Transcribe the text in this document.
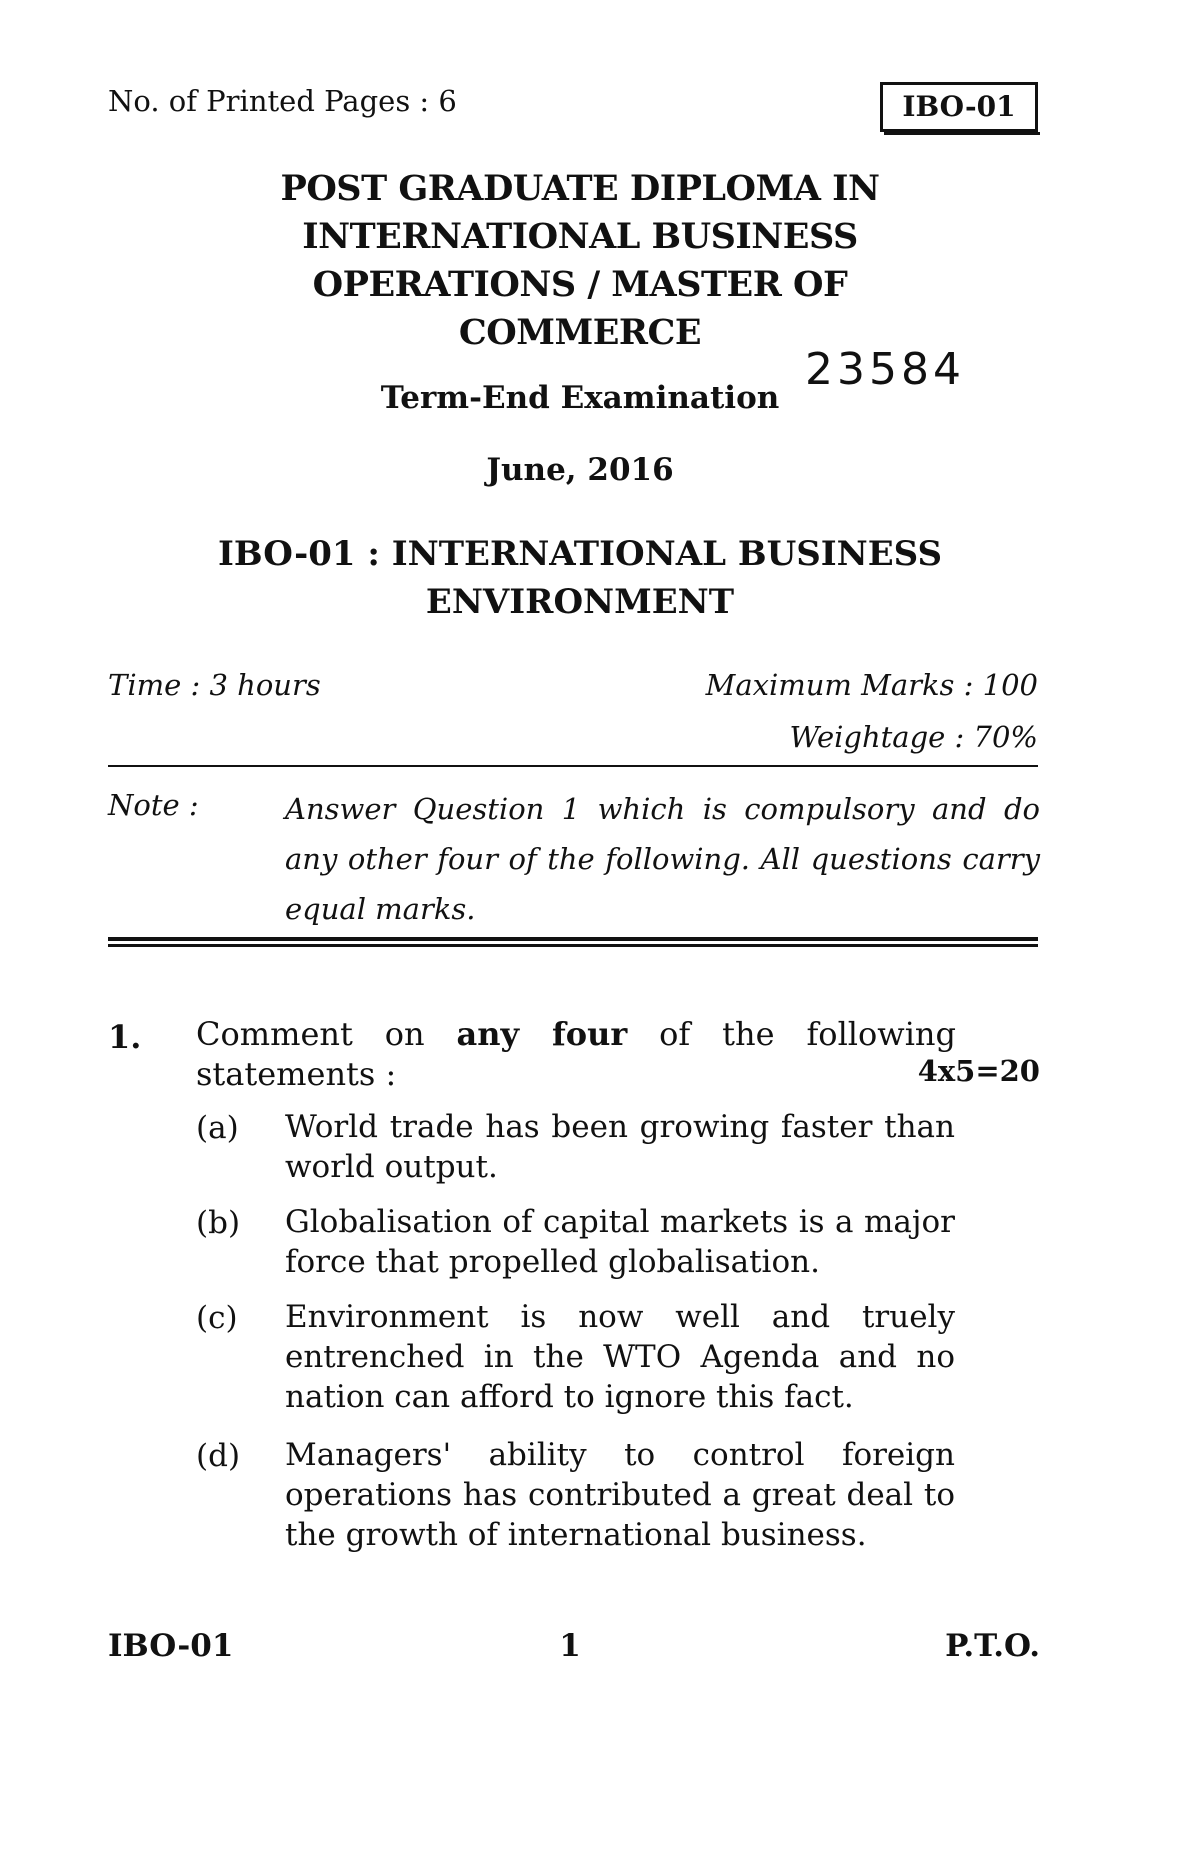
No. of Printed Pages : 6	IBO-01
POST GRADUATE DIPLOMA IN
INTERNATIONAL BUSINESS
OPERATIONS / MASTER OF
COMMERCE
23584
Term-End Examination
June, 2016
IBO-01 : INTERNATIONAL BUSINESS
ENVIRONMENT
Time : 3 hours	Maximum Marks : 100
Weightage : 70%
Note :	Answer Question 1 which is compulsory and do any other four of the following. All questions carry equal marks.
1. Comment on any four of the following statements :	4x5=20
(a) World trade has been growing faster than world output.
(b) Globalisation of capital markets is a major force that propelled globalisation.
(c) Environment is now well and truely entrenched in the WTO Agenda and no nation can afford to ignore this fact.
(d) Managers' ability to control foreign operations has contributed a great deal to the growth of international business.
IBO-01	1	P.T.O.
